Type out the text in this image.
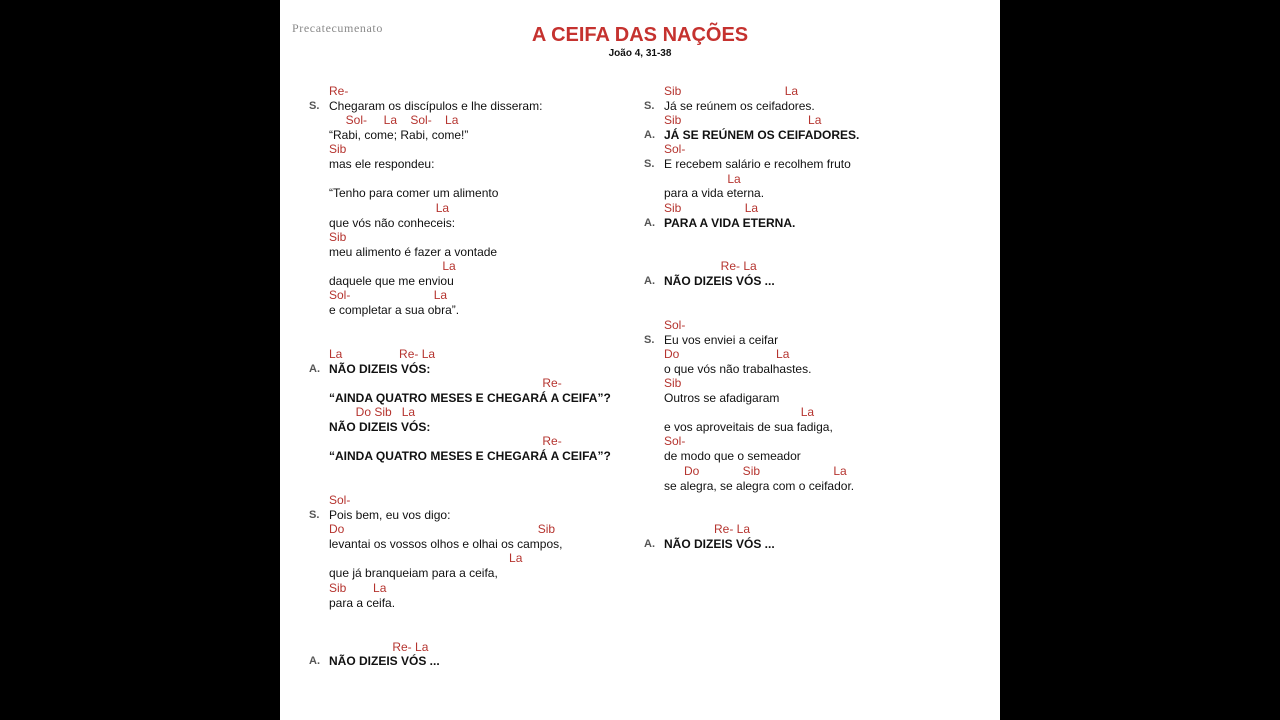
Precatecumenato	A CEIFA DAS NAÇÕES
João 4, 31-38
Re-
S. Chegaram os discípulos e lhe disseram:
Sol-     La    Sol-    La
“Rabi, come; Rabi, come!”
Sib
mas ele respondeu:
“Tenho para comer um alimento
La
que vós não conheceis:
Sib
meu alimento é fazer a vontade
La
daquele que me enviou
Sol-                         La
e completar a sua obra”.
La                 Re- La
A. NÃO DIZEIS VÓS:
Re-
“AINDA QUATRO MESES E CHEGARÁ A CEIFA”?
Do Sib   La
NÃO DIZEIS VÓS:
Re-
“AINDA QUATRO MESES E CHEGARÁ A CEIFA”?
Sol-
S. Pois bem, eu vos digo:
Do                                                          Sib
levantai os vossos olhos e olhai os campos,
La
que já branqueiam para a ceifa,
Sib        La
para a ceifa.
Re- La
A. NÃO DIZEIS VÓS ...
Sib                               La
S. Já se reúnem os ceifadores.
Sib                                      La
A. JÁ SE REÚNEM OS CEIFADORES.
Sol-
S. E recebem salário e recolhem fruto
La
para a vida eterna.
Sib                   La
A. PARA A VIDA ETERNA.
Re- La
A. NÃO DIZEIS VÓS ...
Sol-
S. Eu vos enviei a ceifar
Do                             La
o que vós não trabalhastes.
Sib
Outros se afadigaram
La
e vos aproveitais de sua fadiga,
Sol-
de modo que o semeador
Do             Sib                      La
se alegra, se alegra com o ceifador.
Re- La
A. NÃO DIZEIS VÓS ...
